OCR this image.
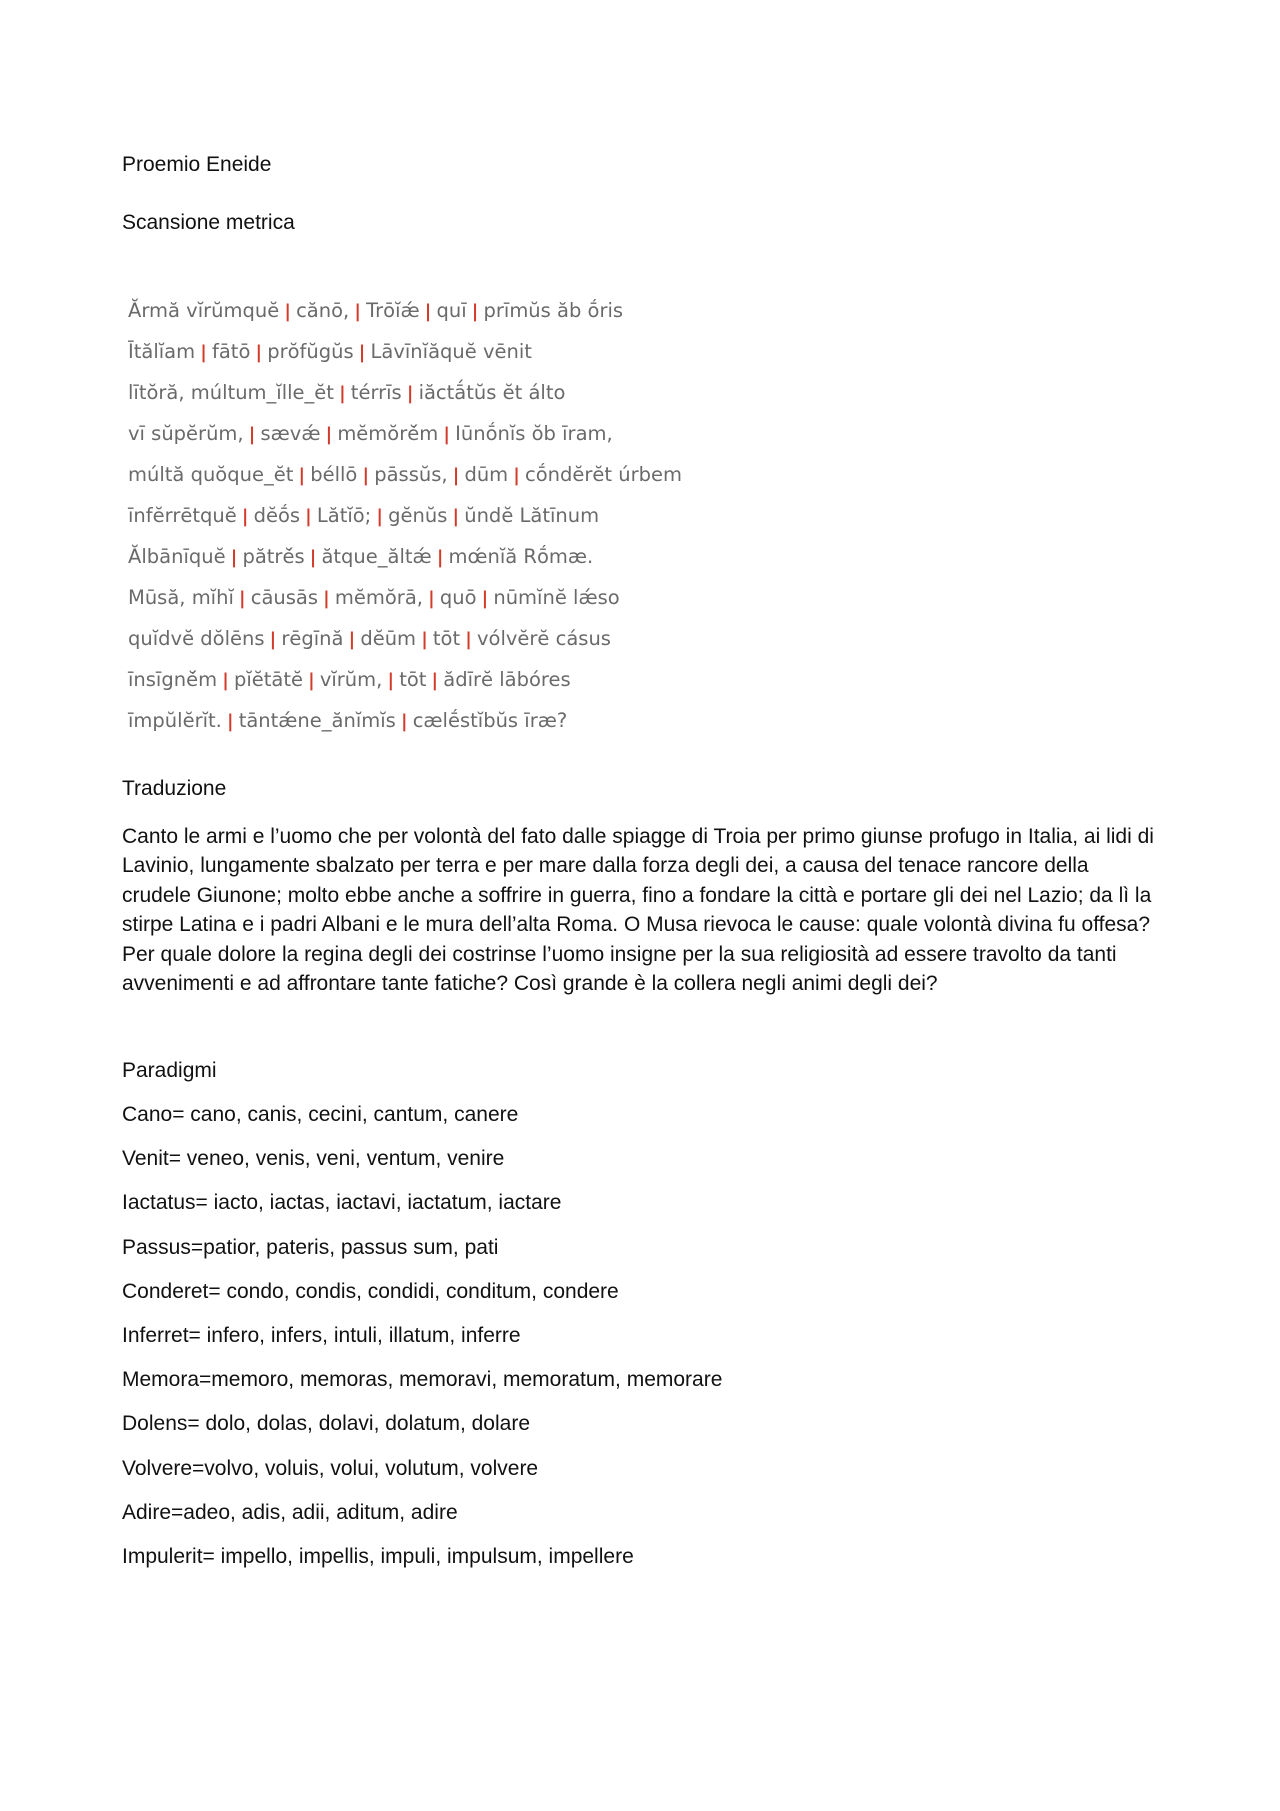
Proemio Eneide

Scansione metrica

Ărmă vĭrŭmquĕ | cănō, | Trōĭǽ | quī | prīmŭs ăb ṓris
Ītălĭam | fātō | prŏfŭgŭs | Lāvīnĭăquĕ vēnit
lītŏră, múltum_ĭlle_ĕt | térrīs | iăctā́tŭs ĕt álto
vī sŭpĕrŭm, | sævǽ | mĕmŏrĕ́m | Iūnṓnĭs ŏb īram,
múltă quŏque_ĕt | béllō | pāssŭs, | dūm | cṓndĕrĕt úrbem
īnfĕrrētquĕ | dĕṓs | Lătĭō; | gĕnŭs | ŭndĕ Lătīnum
Ălbānīquĕ | pătrĕ́s | ătque_ăltǽ | mœ́nĭă Rṓmæ.
Mūsă, mĭhĭ | cāusās | mĕmŏrā, | quō | nūmĭnĕ lǽso
quĭdvĕ dŏlēns | rēgīnă | dĕūm | tōt | vólvĕrĕ cásus
īnsīgnĕ́m | pĭĕtātĕ | vĭrŭm, | tōt | ădīrĕ lābóres
īmpŭlĕrĭt. | tāntǽne_ănĭmĭs | cælḗstĭbŭs īræ?

Traduzione

Canto le armi e l’uomo che per volontà del fato dalle spiagge di Troia per primo giunse profugo in Italia, ai lidi di Lavinio, lungamente sbalzato per terra e per mare dalla forza degli dei, a causa del tenace rancore della crudele Giunone; molto ebbe anche a soffrire in guerra, fino a fondare la città e portare gli dei nel Lazio; da lì la stirpe Latina e i padri Albani e le mura dell’alta Roma. O Musa rievoca le cause: quale volontà divina fu offesa? Per quale dolore la regina degli dei costrinse l’uomo insigne per la sua religiosità ad essere travolto da tanti avvenimenti e ad affrontare tante fatiche? Così grande è la collera negli animi degli dei?

Paradigmi

Cano= cano, canis, cecini, cantum, canere
Venit= veneo, venis, veni, ventum, venire
Iactatus= iacto, iactas, iactavi, iactatum, iactare
Passus=patior, pateris, passus sum, pati
Conderet= condo, condis, condidi, conditum, condere
Inferret= infero, infers, intuli, illatum, inferre
Memora=memoro, memoras, memoravi, memoratum, memorare
Dolens= dolo, dolas, dolavi, dolatum, dolare
Volvere=volvo, voluis, volui, volutum, volvere
Adire=adeo, adis, adii, aditum, adire
Impulerit= impello, impellis, impuli, impulsum, impellere
